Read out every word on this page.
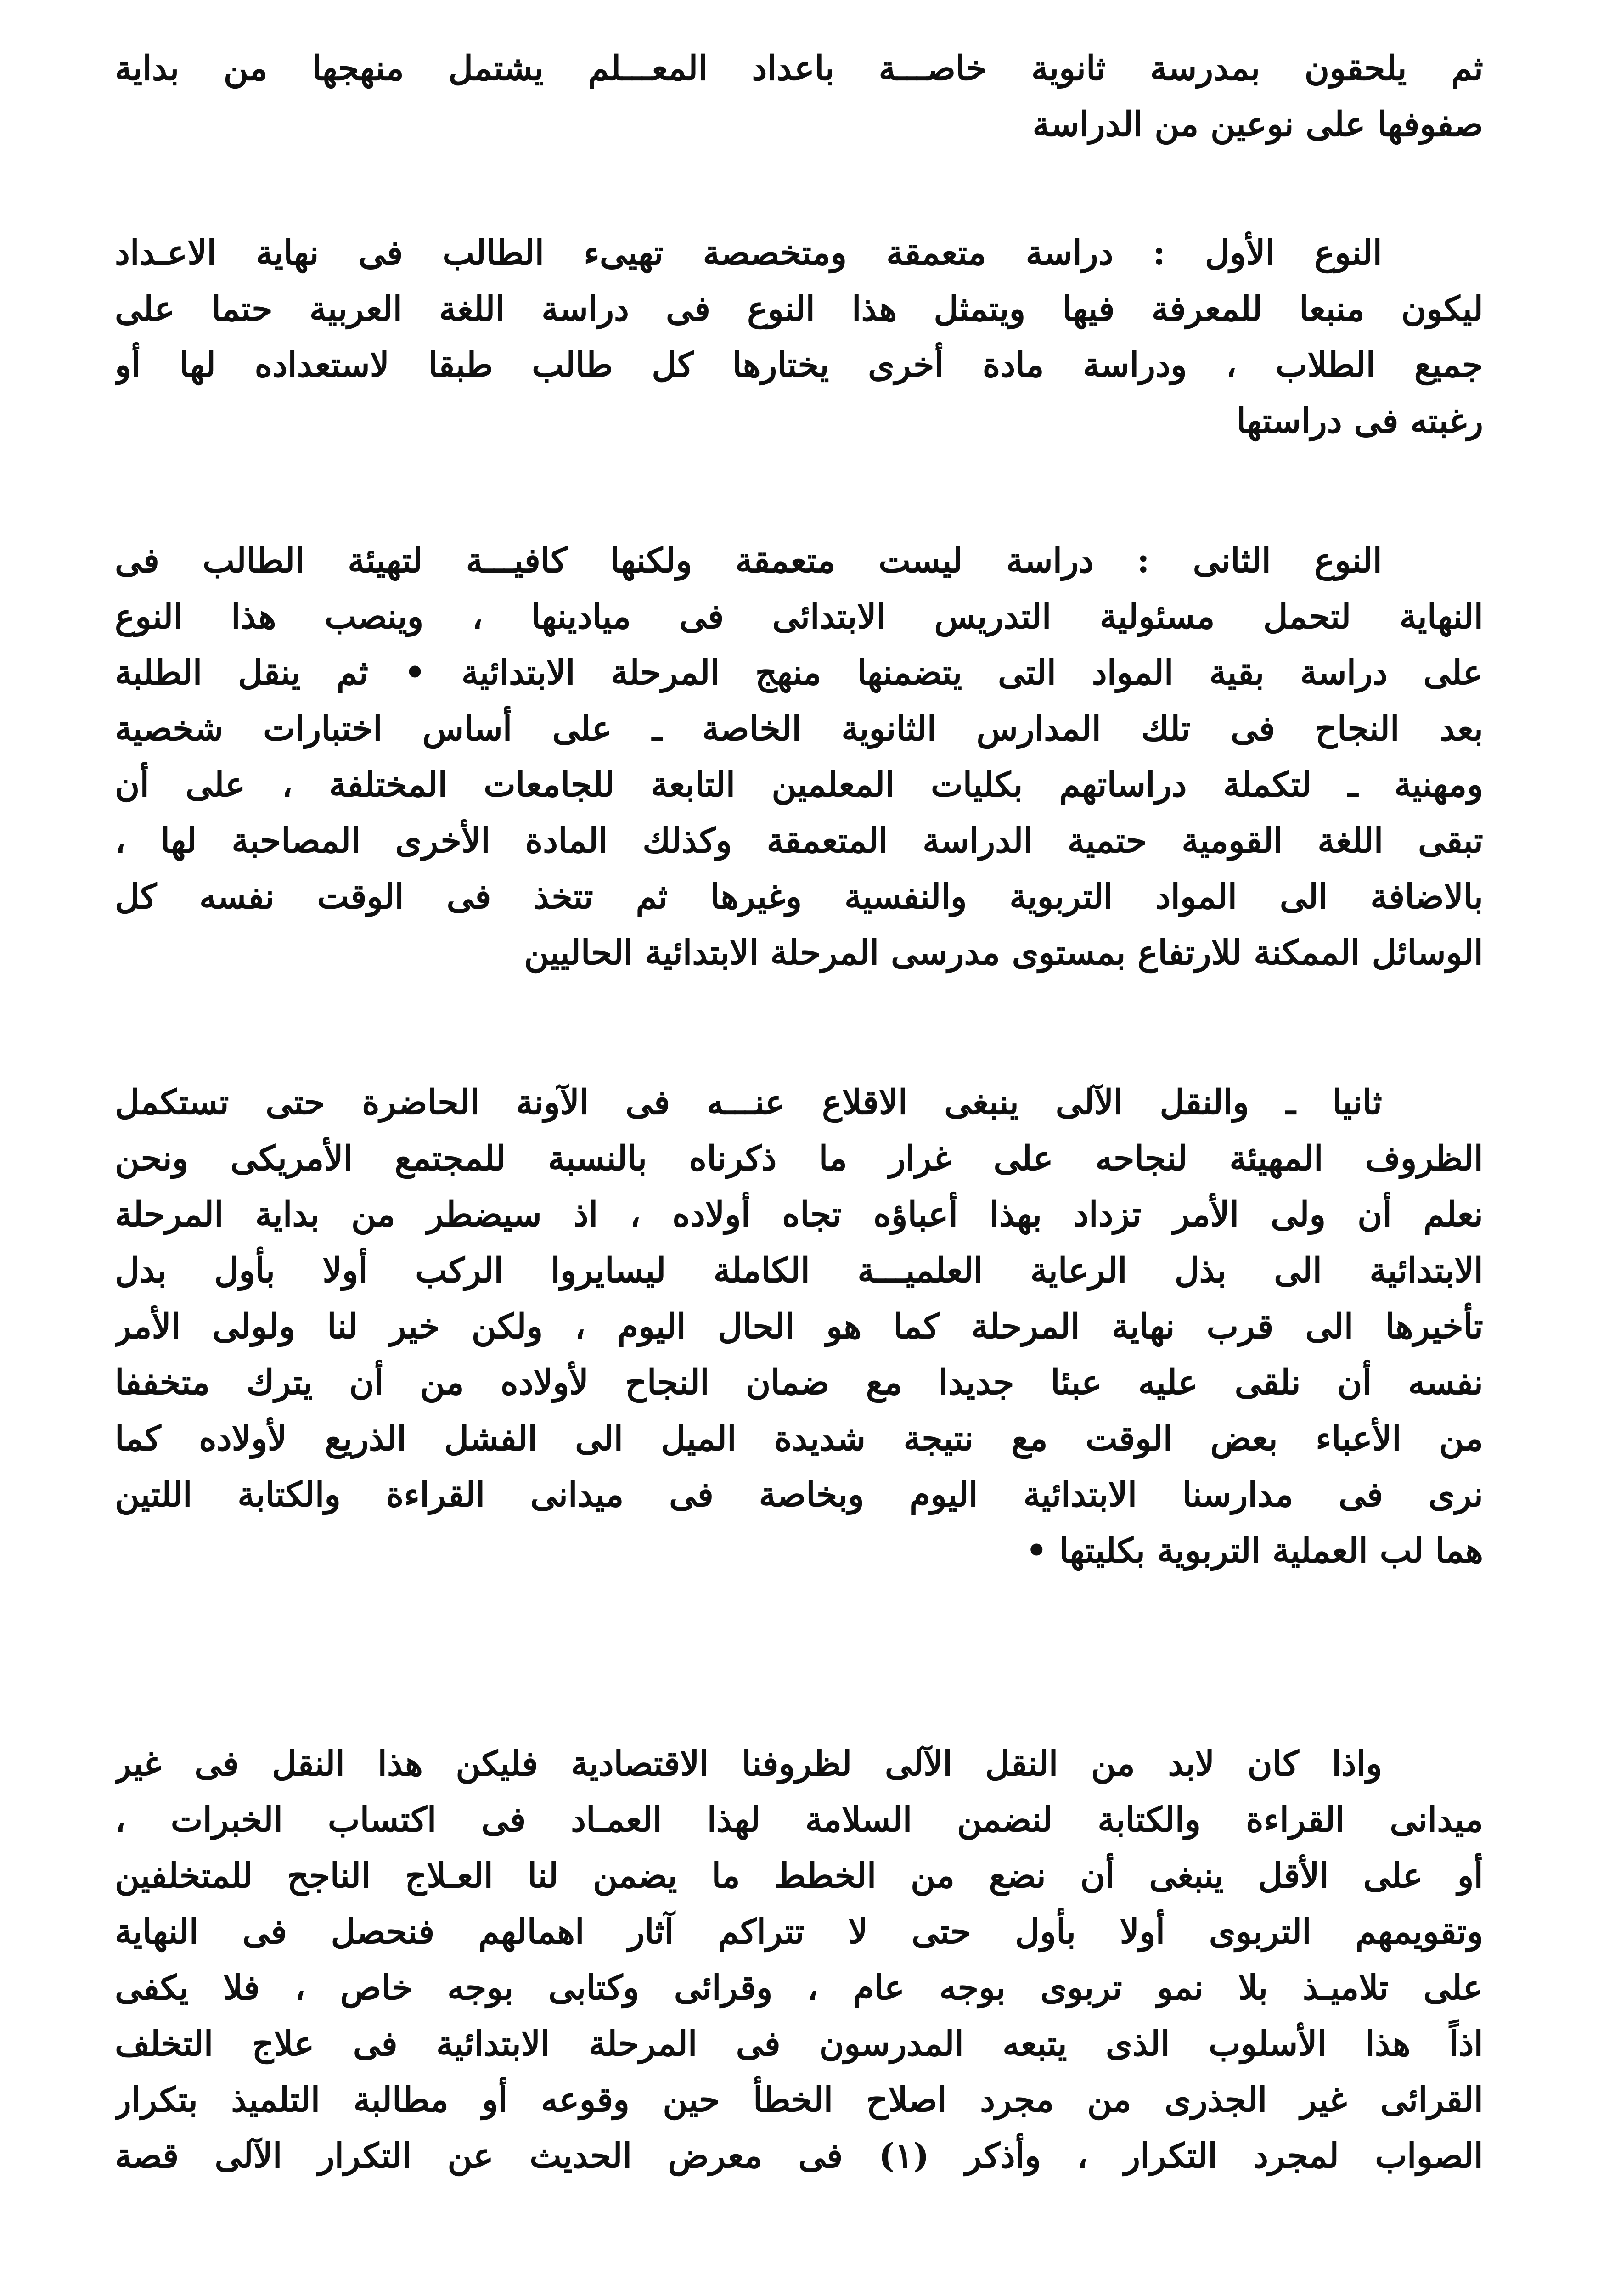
ثم يلحقون بمدرسة ثانوية خاصـــة باعداد المعـــلم يشتمل منهجها من بداية
صفوفها على نوعين من الدراسة
النوع الأول : دراسة متعمقة ومتخصصة تهيىء الطالب فى نهاية الاعـداد
ليكون منبعا للمعرفة فيها ويتمثل هذا النوع فى دراسة اللغة العربية حتما على
جميع الطلاب ، ودراسة مادة أخرى يختارها كل طالب طبقا لاستعداده لها أو
رغبته فى دراستها
النوع الثانى : دراسة ليست متعمقة ولكنها كافيـــة لتهيئة الطالب فى
النهاية لتحمل مسئولية التدريس الابتدائى فى ميادينها ، وينصب هذا النوع
على دراسة بقية المواد التى يتضمنها منهج المرحلة الابتدائية • ثم ينقل الطلبة
بعد النجاح فى تلك المدارس الثانوية الخاصة ـ على أساس اختبارات شخصية
ومهنية ـ لتكملة دراساتهم بكليات المعلمين التابعة للجامعات المختلفة ، على أن
تبقى اللغة القومية حتمية الدراسة المتعمقة وكذلك المادة الأخرى المصاحبة لها ،
بالاضافة الى المواد التربوية والنفسية وغيرها ثم تتخذ فى الوقت نفسه كل
الوسائل الممكنة للارتفاع بمستوى مدرسى المرحلة الابتدائية الحاليين
ثانيا ـ والنقل الآلى ينبغى الاقلاع عنـــه فى الآونة الحاضرة حتى تستكمل
الظروف المهيئة لنجاحه على غرار ما ذكرناه بالنسبة للمجتمع الأمريكى ونحن
نعلم أن ولى الأمر تزداد بهذا أعباؤه تجاه أولاده ، اذ سيضطر من بداية المرحلة
الابتدائية الى بذل الرعاية العلميـــة الكاملة ليسايروا الركب أولا بأول بدل
تأخيرها الى قرب نهاية المرحلة كما هو الحال اليوم ، ولكن خير لنا ولولى الأمر
نفسه أن نلقى عليه عبئا جديدا مع ضمان النجاح لأولاده من أن يترك متخففا
من الأعباء بعض الوقت مع نتيجة شديدة الميل الى الفشل الذريع لأولاده كما
نرى فى مدارسنا الابتدائية اليوم وبخاصة فى ميدانى القراءة والكتابة اللتين
هما لب العملية التربوية بكليتها •
واذا كان لابد من النقل الآلى لظروفنا الاقتصادية فليكن هذا النقل فى غير
ميدانى القراءة والكتابة لنضمن السلامة لهذا العمـاد فى اكتساب الخبرات ،
أو على الأقل ينبغى أن نضع من الخطط ما يضمن لنا العـلاج الناجح للمتخلفين
وتقويمهم التربوى أولا بأول حتى لا تتراكم آثار اهمالهم فنحصل فى النهاية
على تلاميـذ بلا نمو تربوى بوجه عام ، وقرائى وكتابى بوجه خاص ، فلا يكفى
اذاً هذا الأسلوب الذى يتبعه المدرسون فى المرحلة الابتدائية فى علاج التخلف
القرائى غير الجذرى من مجرد اصلاح الخطأ حين وقوعه أو مطالبة التلميذ بتكرار
الصواب لمجرد التكرار ، وأذكر (١) فى معرض الحديث عن التكرار الآلى قصة
